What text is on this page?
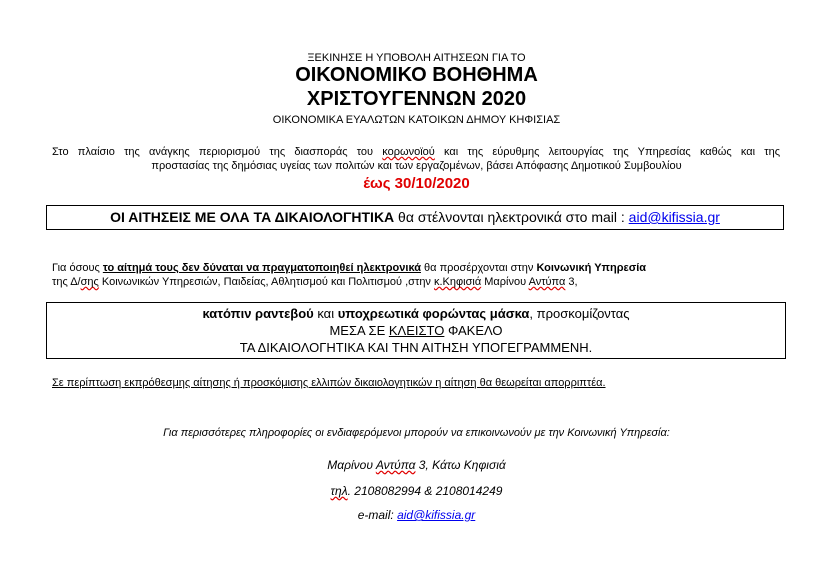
ΞΕΚΙΝΗΣΕ Η ΥΠΟΒΟΛΗ ΑΙΤΗΣΕΩΝ ΓΙΑ ΤΟ
ΟΙΚΟΝΟΜΙΚΟ ΒΟΗΘΗΜΑ
ΧΡΙΣΤΟΥΓΕΝΝΩΝ 2020
ΟΙΚΟΝΟΜΙΚΑ ΕΥΑΛΩΤΩΝ ΚΑΤΟΙΚΩΝ ΔΗΜΟΥ ΚΗΦΙΣΙΑΣ
Στο πλαίσιο της ανάγκης περιορισμού της διασποράς του κορωνοϊού και της εύρυθμης λειτουργίας της Υπηρεσίας καθώς και της
προστασίας της δημόσιας υγείας των πολιτών και των εργαζομένων, βάσει Απόφασης Δημοτικού Συμβουλίου
έως 30/10/2020
ΟΙ ΑΙΤΗΣΕΙΣ ΜΕ ΟΛΑ ΤΑ ΔΙΚΑΙΟΛΟΓΗΤΙΚΑ θα στέλνονται ηλεκτρονικά στο mail : aid@kifissia.gr
Για όσους το αίτημά τους δεν δύναται να πραγματοποιηθεί ηλεκτρονικά θα προσέρχονται στην Κοινωνική Υπηρεσία
της Δ/σης Κοινωνικών Υπηρεσιών, Παιδείας, Αθλητισμού και Πολιτισμού ,στην κ.Κηφισιά Μαρίνου Αντύπα 3,
κατόπιν ραντεβού και υποχρεωτικά φορώντας μάσκα, προσκομίζοντας
ΜΕΣΑ ΣΕ ΚΛΕΙΣΤΟ ΦΑΚΕΛΟ
ΤΑ ΔΙΚΑΙΟΛΟΓΗΤΙΚΑ ΚΑΙ ΤΗΝ ΑΙΤΗΣΗ ΥΠΟΓΕΓΡΑΜΜΕΝΗ.
Σε περίπτωση εκπρόθεσμης αίτησης ή προσκόμισης ελλιπών δικαιολογητικών η αίτηση θα θεωρείται απορριπτέα.
Για περισσότερες πληροφορίες οι ενδιαφερόμενοι μπορούν να επικοινωνούν με την Κοινωνική Υπηρεσία:
Μαρίνου Αντύπα 3, Κάτω Κηφισιά
τηλ. 2108082994 & 2108014249
e-mail: aid@kifissia.gr
